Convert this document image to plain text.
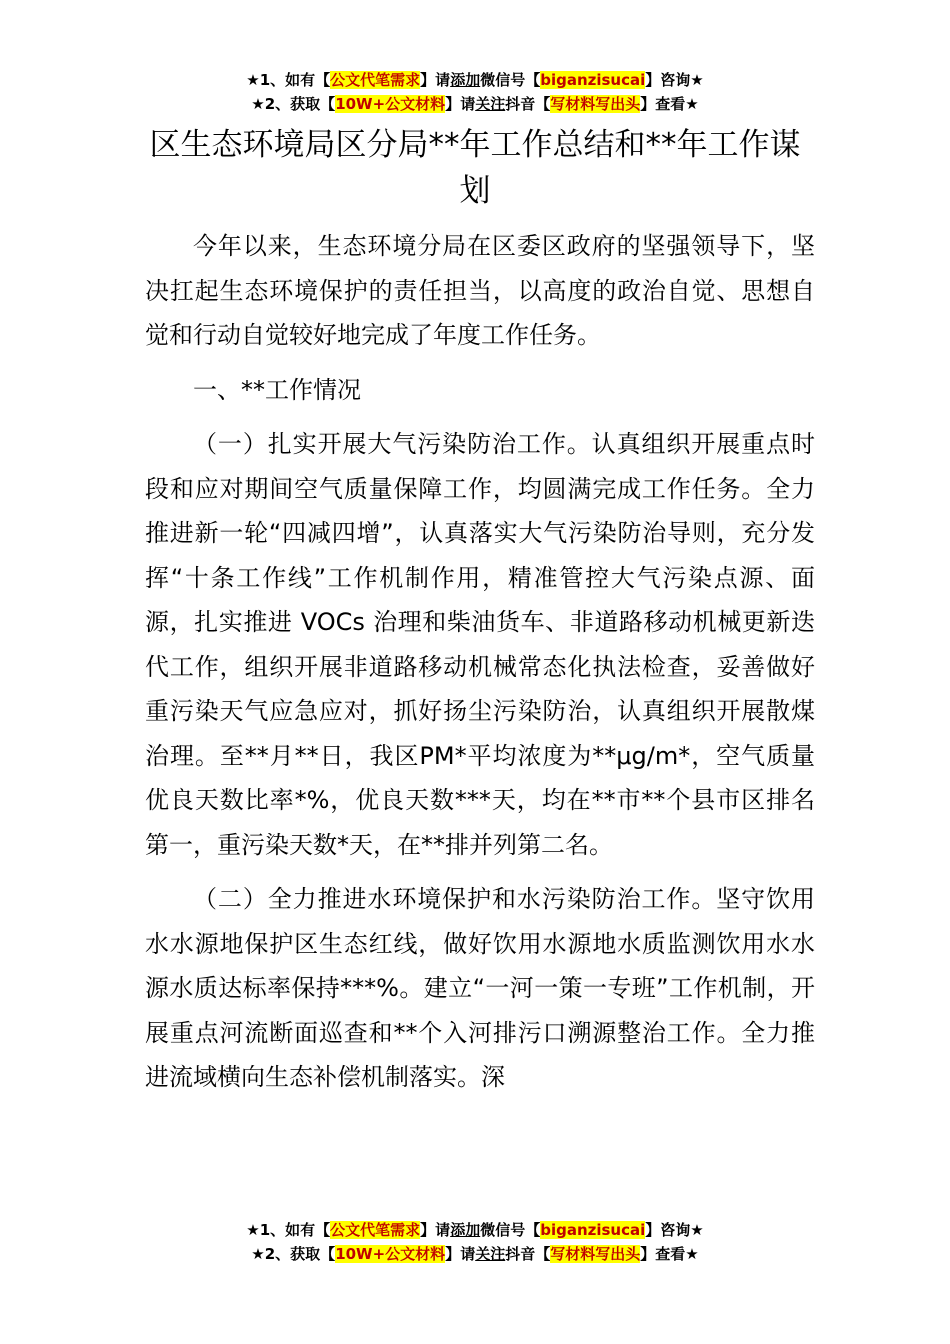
★1、如有【公文代笔需求】请添加微信号【biganzisucai】咨询★
★2、获取【10W+公文材料】请关注抖音【写材料写出头】查看★
区生态环境局区分局**年工作总结和**年工作谋划

今年以来，生态环境分局在区委区政府的坚强领导下，坚决扛起生态环境保护的责任担当，以高度的政治自觉、思想自觉和行动自觉较好地完成了年度工作任务。

一、**工作情况

（一）扎实开展大气污染防治工作。认真组织开展重点时段和应对期间空气质量保障工作，均圆满完成工作任务。全力推进新一轮“四减四增”，认真落实大气污染防治导则，充分发挥“十条工作线”工作机制作用，精准管控大气污染点源、面源，扎实推进 VOCs 治理和柴油货车、非道路移动机械更新迭代工作，组织开展非道路移动机械常态化执法检查，妥善做好重污染天气应急应对，抓好扬尘污染防治，认真组织开展散煤治理。至**月**日，我区PM*平均浓度为**μg/m*，空气质量优良天数比率*%，优良天数***天，均在**市**个县市区排名第一，重污染天数*天，在**排并列第二名。

（二）全力推进水环境保护和水污染防治工作。坚守饮用水水源地保护区生态红线，做好饮用水源地水质监测饮用水水源水质达标率保持***%。建立“一河一策一专班”工作机制，开展重点河流断面巡查和**个入河排污口溯源整治工作。全力推进流域横向生态补偿机制落实。深

★1、如有【公文代笔需求】请添加微信号【biganzisucai】咨询★
★2、获取【10W+公文材料】请关注抖音【写材料写出头】查看★
